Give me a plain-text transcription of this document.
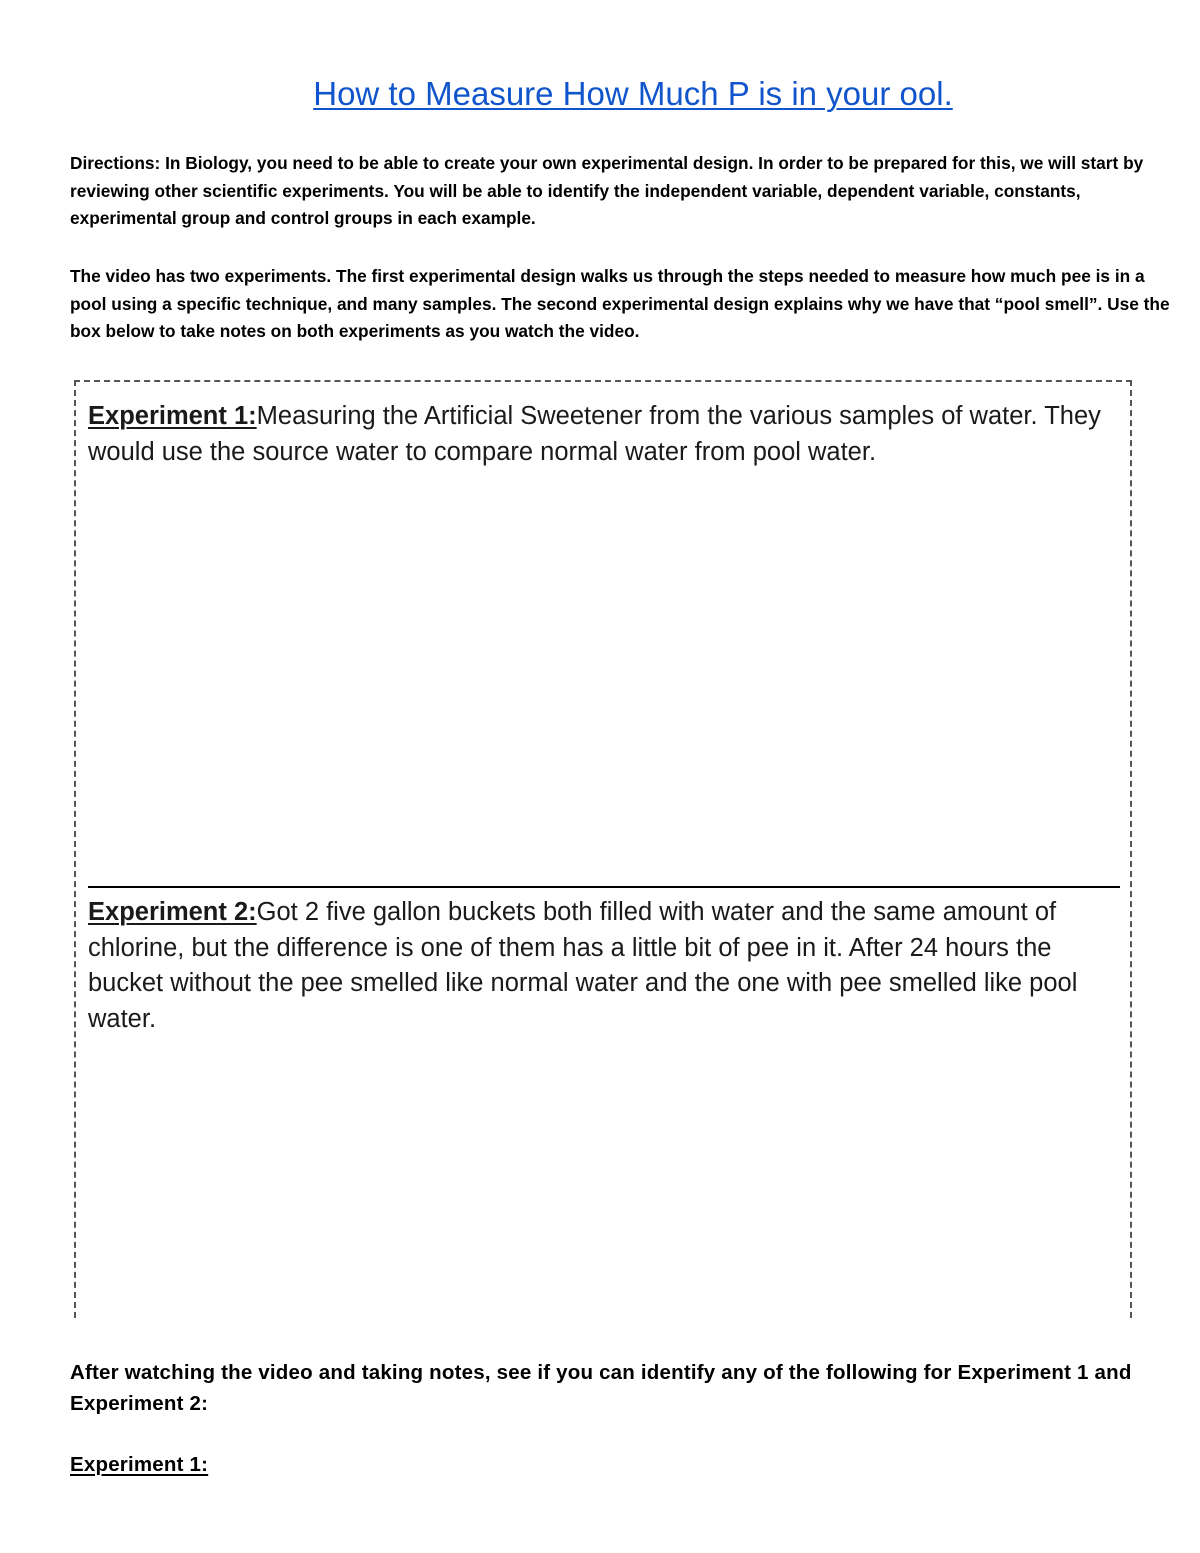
How to Measure How Much P is in your ool.

Directions: In Biology, you need to be able to create your own experimental design. In order to be prepared for this, we will start by reviewing other scientific experiments. You will be able to identify the independent variable, dependent variable, constants, experimental group and control groups in each example.

The video has two experiments. The first experimental design walks us through the steps needed to measure how much pee is in a pool using a specific technique, and many samples. The second experimental design explains why we have that “pool smell”. Use the box below to take notes on both experiments as you watch the video.

Experiment 1:Measuring the Artificial Sweetener from the various samples of water. They would use the source water to compare normal water from pool water.

Experiment 2:Got 2 five gallon buckets both filled with water and the same amount of chlorine, but the difference is one of them has a little bit of pee in it. After 24 hours the bucket without the pee smelled like normal water and the one with pee smelled like pool water.

After watching the video and taking notes, see if you can identify any of the following for Experiment 1 and Experiment 2:

Experiment 1:
